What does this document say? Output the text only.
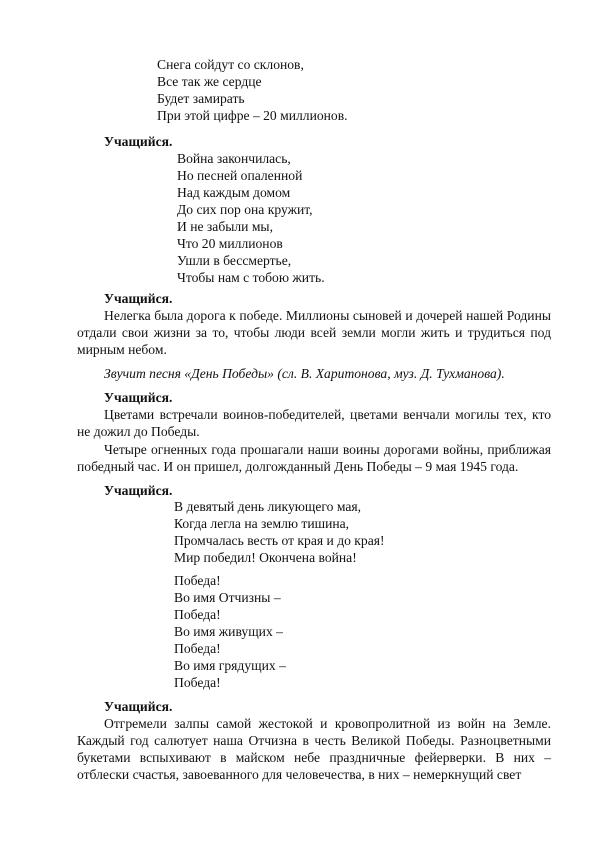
Снега сойдут со склонов,
Все так же сердце
Будет замирать
При этой цифре – 20 миллионов.
Учащийся.
Война закончилась,
Но песней опаленной
Над каждым домом
До сих пор она кружит,
И не забыли мы,
Что 20 миллионов
Ушли в бессмертье,
Чтобы нам с тобою жить.
Учащийся.
Нелегка была дорога к победе. Миллионы сыновей и дочерей нашей Родины отдали свои жизни за то, чтобы люди всей земли могли жить и трудиться под мирным небом.
Звучит песня «День Победы» (сл. В. Харитонова, муз. Д. Тухманова).
Учащийся.
Цветами встречали воинов-победителей, цветами венчали могилы тех, кто не дожил до Победы.
Четыре огненных года прошагали наши воины дорогами войны, приближая победный час. И он пришел, долгожданный День Победы – 9 мая 1945 года.
Учащийся.
В девятый день ликующего мая,
Когда легла на землю тишина,
Промчалась весть от края и до края!
Мир победил! Окончена война!
Победа!
Во имя Отчизны –
Победа!
Во имя живущих –
Победа!
Во имя грядущих –
Победа!
Учащийся.
Отгремели залпы самой жестокой и кровопролитной из войн на Земле. Каждый год салютует наша Отчизна в честь Великой Победы. Разноцветными букетами вспыхивают в майском небе праздничные фейерверки. В них – отблески счастья, завоеванного для человечества, в них – немеркнущий свет
